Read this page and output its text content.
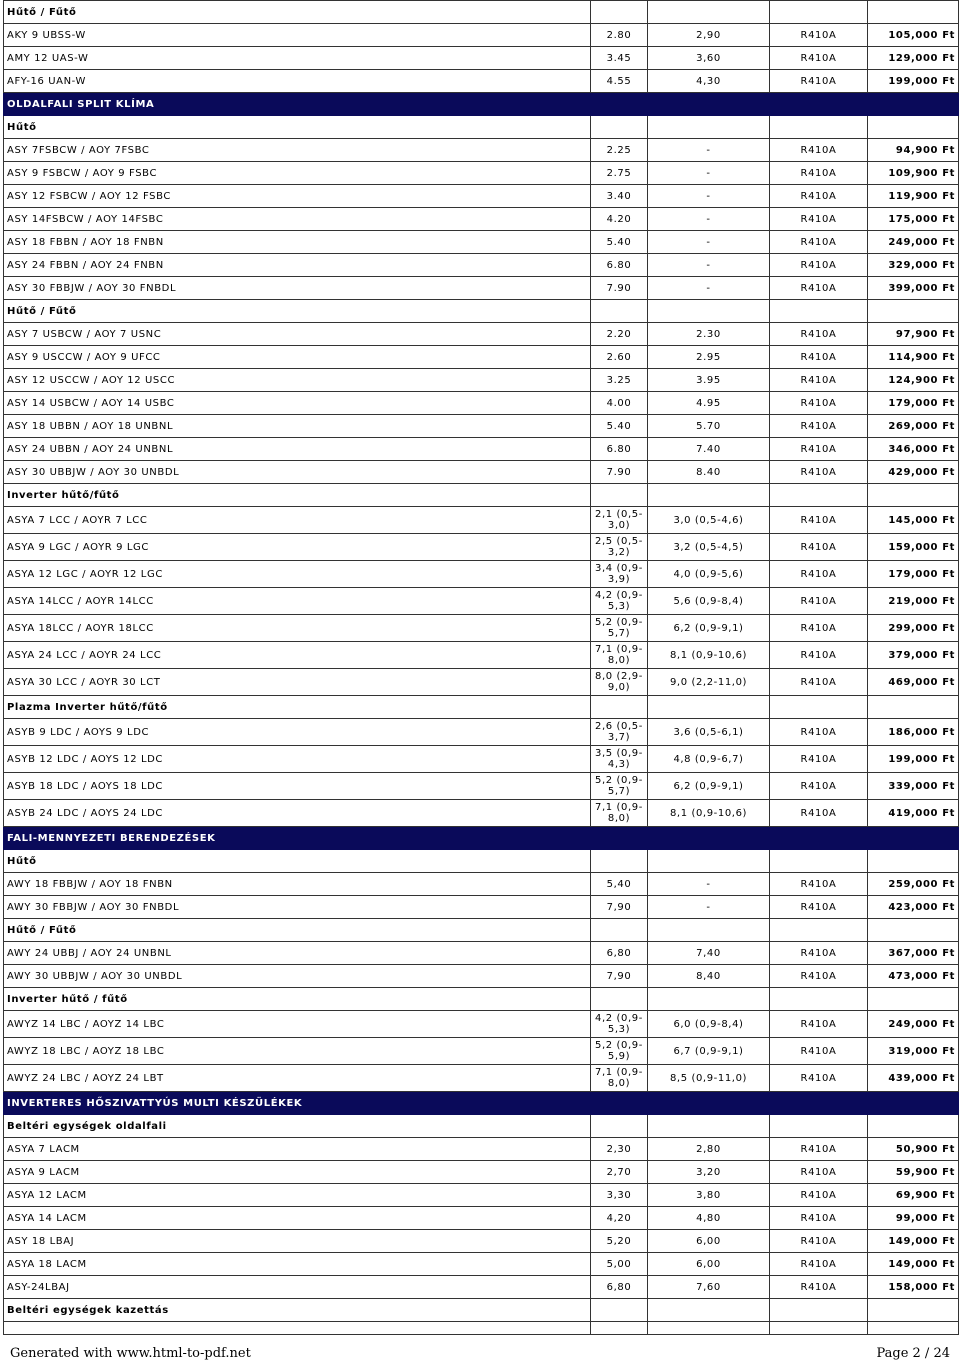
Hűtő / Fűtő				
AKY 9 UBSS-W	2.80	2,90	R410A	105,000 Ft
AMY 12 UAS-W	3.45	3,60	R410A	129,000 Ft
AFY-16 UAN-W	4.55	4,30	R410A	199,000 Ft
OLDALFALI SPLIT KLÍMA				
Hűtő				
ASY 7FSBCW / AOY 7FSBC	2.25	-	R410A	94,900 Ft
ASY 9 FSBCW / AOY 9 FSBC	2.75	-	R410A	109,900 Ft
ASY 12 FSBCW / AOY 12 FSBC	3.40	-	R410A	119,900 Ft
ASY 14FSBCW / AOY 14FSBC	4.20	-	R410A	175,000 Ft
ASY 18 FBBN / AOY 18 FNBN	5.40	-	R410A	249,000 Ft
ASY 24 FBBN / AOY 24 FNBN	6.80	-	R410A	329,000 Ft
ASY 30 FBBJW / AOY 30 FNBDL	7.90	-	R410A	399,000 Ft
Hűtő / Fűtő				
ASY 7 USBCW / AOY 7 USNC	2.20	2.30	R410A	97,900 Ft
ASY 9 USCCW / AOY 9 UFCC	2.60	2.95	R410A	114,900 Ft
ASY 12 USCCW / AOY 12 USCC	3.25	3.95	R410A	124,900 Ft
ASY 14 USBCW / AOY 14 USBC	4.00	4.95	R410A	179,000 Ft
ASY 18 UBBN / AOY 18 UNBNL	5.40	5.70	R410A	269,000 Ft
ASY 24 UBBN / AOY 24 UNBNL	6.80	7.40	R410A	346,000 Ft
ASY 30 UBBJW / AOY 30 UNBDL	7.90	8.40	R410A	429,000 Ft
Inverter hűtő/fűtő				
ASYA 7 LCC / AOYR 7 LCC	2,1 (0,5-3,0)	3,0 (0,5-4,6)	R410A	145,000 Ft
ASYA 9 LGC / AOYR 9 LGC	2,5 (0,5-3,2)	3,2 (0,5-4,5)	R410A	159,000 Ft
ASYA 12 LGC / AOYR 12 LGC	3,4 (0,9-3,9)	4,0 (0,9-5,6)	R410A	179,000 Ft
ASYA 14LCC / AOYR 14LCC	4,2 (0,9-5,3)	5,6 (0,9-8,4)	R410A	219,000 Ft
ASYA 18LCC / AOYR 18LCC	5,2 (0,9-5,7)	6,2 (0,9-9,1)	R410A	299,000 Ft
ASYA 24 LCC / AOYR 24 LCC	7,1 (0,9-8,0)	8,1 (0,9-10,6)	R410A	379,000 Ft
ASYA 30 LCC / AOYR 30 LCT	8,0 (2,9-9,0)	9,0 (2,2-11,0)	R410A	469,000 Ft
Plazma Inverter hűtő/fűtő				
ASYB 9 LDC / AOYS 9 LDC	2,6 (0,5-3,7)	3,6 (0,5-6,1)	R410A	186,000 Ft
ASYB 12 LDC / AOYS 12 LDC	3,5 (0,9-4,3)	4,8 (0,9-6,7)	R410A	199,000 Ft
ASYB 18 LDC / AOYS 18 LDC	5,2 (0,9-5,7)	6,2 (0,9-9,1)	R410A	339,000 Ft
ASYB 24 LDC / AOYS 24 LDC	7,1 (0,9-8,0)	8,1 (0,9-10,6)	R410A	419,000 Ft
FALI-MENNYEZETI BERENDEZÉSEK				
Hűtő				
AWY 18 FBBJW / AOY 18 FNBN	5,40	-	R410A	259,000 Ft
AWY 30 FBBJW / AOY 30 FNBDL	7,90	-	R410A	423,000 Ft
Hűtő / Fűtő				
AWY 24 UBBJ / AOY 24 UNBNL	6,80	7,40	R410A	367,000 Ft
AWY 30 UBBJW / AOY 30 UNBDL	7,90	8,40	R410A	473,000 Ft
Inverter hűtő / fűtő				
AWYZ 14 LBC / AOYZ 14 LBC	4,2 (0,9-5,3)	6,0 (0,9-8,4)	R410A	249,000 Ft
AWYZ 18 LBC / AOYZ 18 LBC	5,2 (0,9-5,9)	6,7 (0,9-9,1)	R410A	319,000 Ft
AWYZ 24 LBC / AOYZ 24 LBT	7,1 (0,9-8,0)	8,5 (0,9-11,0)	R410A	439,000 Ft
INVERTERES HŐSZIVATTYÚS MULTI KÉSZÜLÉKEK				
Beltéri egységek oldalfali				
ASYA 7 LACM	2,30	2,80	R410A	50,900 Ft
ASYA 9 LACM	2,70	3,20	R410A	59,900 Ft
ASYA 12 LACM	3,30	3,80	R410A	69,900 Ft
ASYA 14 LACM	4,20	4,80	R410A	99,000 Ft
ASY 18 LBAJ	5,20	6,00	R410A	149,000 Ft
ASYA 18 LACM	5,00	6,00	R410A	149,000 Ft
ASY-24LBAJ	6,80	7,60	R410A	158,000 Ft
Beltéri egységek kazettás				

Generated with www.html-to-pdf.net	Page 2 / 24
